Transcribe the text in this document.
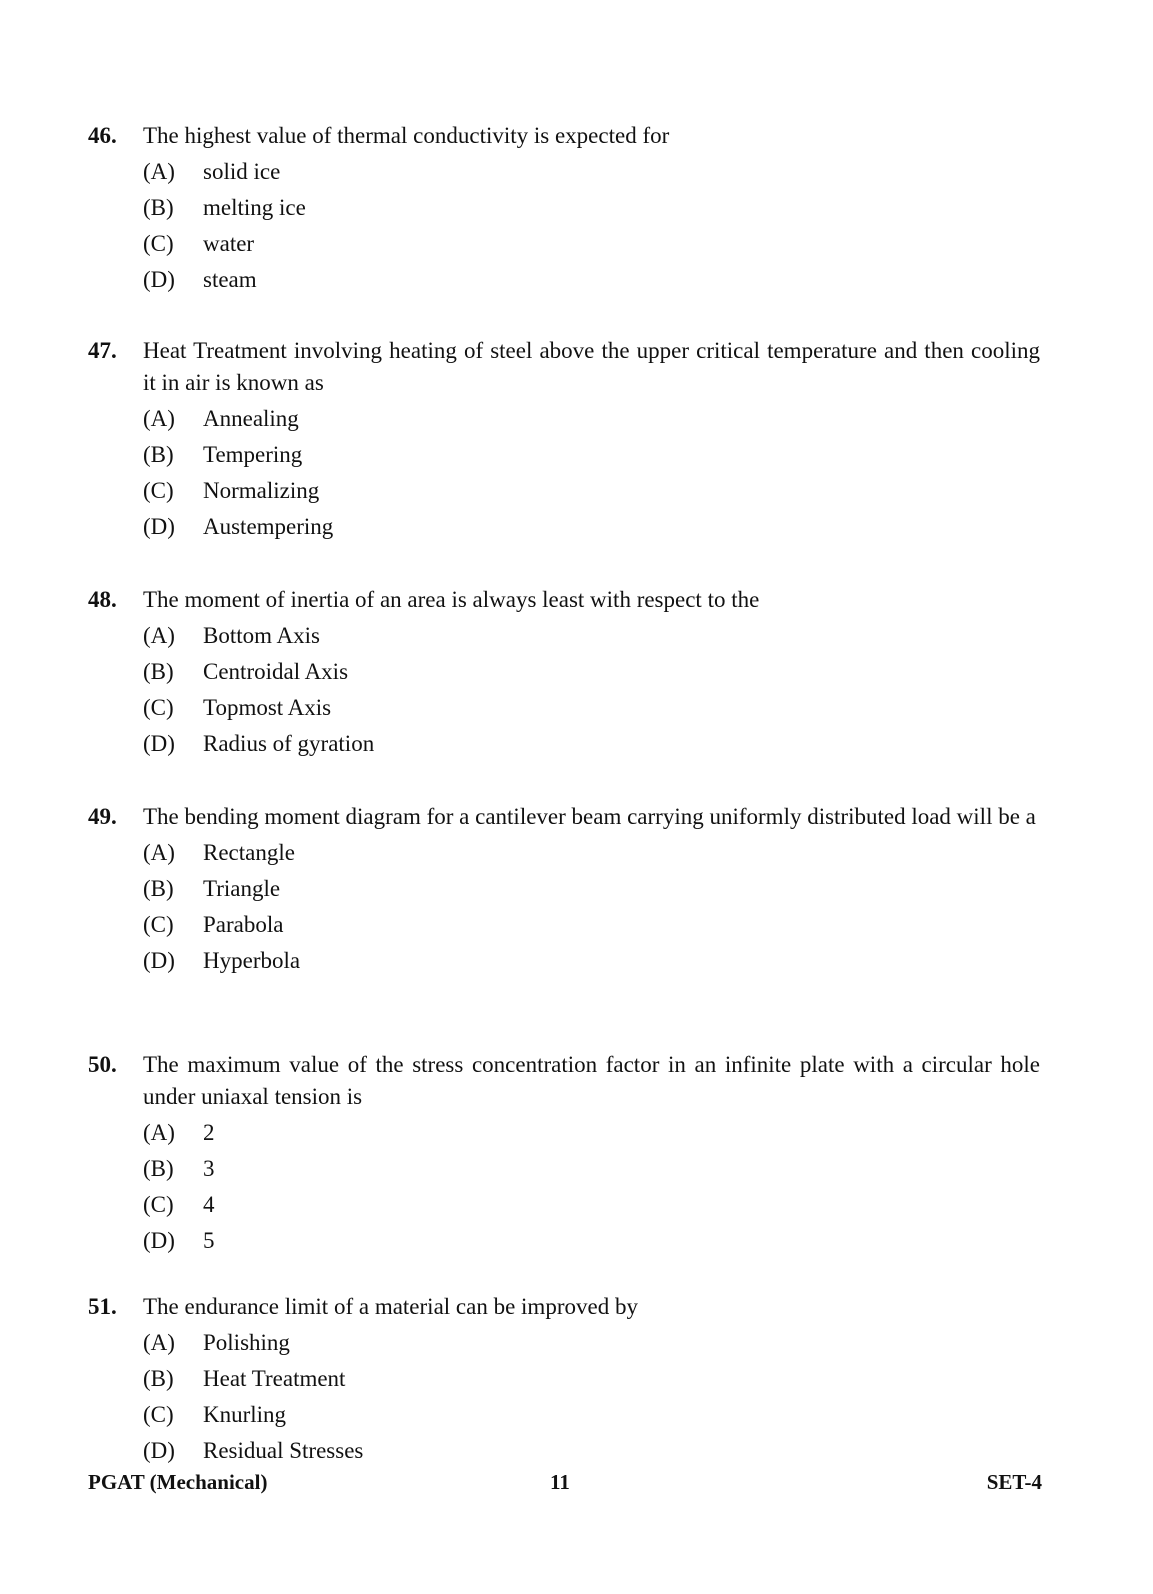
46.	The highest value of thermal conductivity is expected for
(A)	solid ice
(B)	melting ice
(C)	water
(D)	steam
47.	Heat Treatment involving heating of steel above the upper critical temperature and then cooling it in air is known as
(A)	Annealing
(B)	Tempering
(C)	Normalizing
(D)	Austempering
48.	The moment of inertia of an area is always least with respect to the
(A)	Bottom Axis
(B)	Centroidal Axis
(C)	Topmost Axis
(D)	Radius of gyration
49.	The bending moment diagram for a cantilever beam carrying uniformly distributed load will be a
(A)	Rectangle
(B)	Triangle
(C)	Parabola
(D)	Hyperbola
50.	The maximum value of the stress concentration factor in an infinite plate with a circular hole under uniaxal tension is
(A)	2
(B)	3
(C)	4
(D)	5
51.	The endurance limit of a material can be improved by
(A)	Polishing
(B)	Heat Treatment
(C)	Knurling
(D)	Residual Stresses
PGAT (Mechanical)	11	SET-4
